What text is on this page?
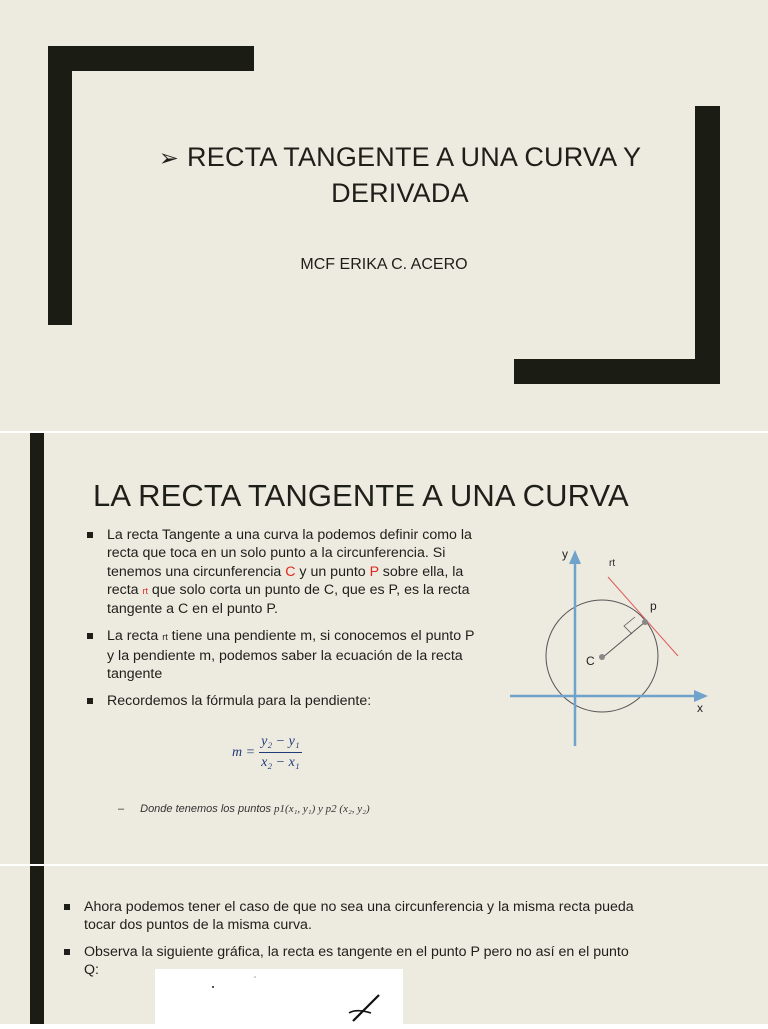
➢ RECTA TANGENTE A UNA CURVA Y DERIVADA
MCF ERIKA C. ACERO
LA RECTA TANGENTE A UNA CURVA
La recta Tangente a una curva la podemos definir como la recta que toca en un solo punto a la circunferencia. Si tenemos una circunferencia C y un punto P sobre ella, la recta rt que solo corta un punto de C, que es P, es la recta tangente a C en el punto P.
La recta rt tiene una pendiente m, si conocemos el punto P y la pendiente m, podemos saber la ecuación de la recta tangente
Recordemos la fórmula para la pendiente:
$m = \frac{\text{y₂ − y₁}}{\text{x₂ − x₁}}$
– Donde tenemos los puntos p1(x₁, y₁) y p2 (x₂, y₂)
y
x
rt
p
C
Ahora podemos tener el caso de que no sea una circunferencia y la misma recta pueda tocar dos puntos de la misma curva.
Observa la siguiente gráfica, la recta es tangente en el punto P pero no así en el punto Q:
